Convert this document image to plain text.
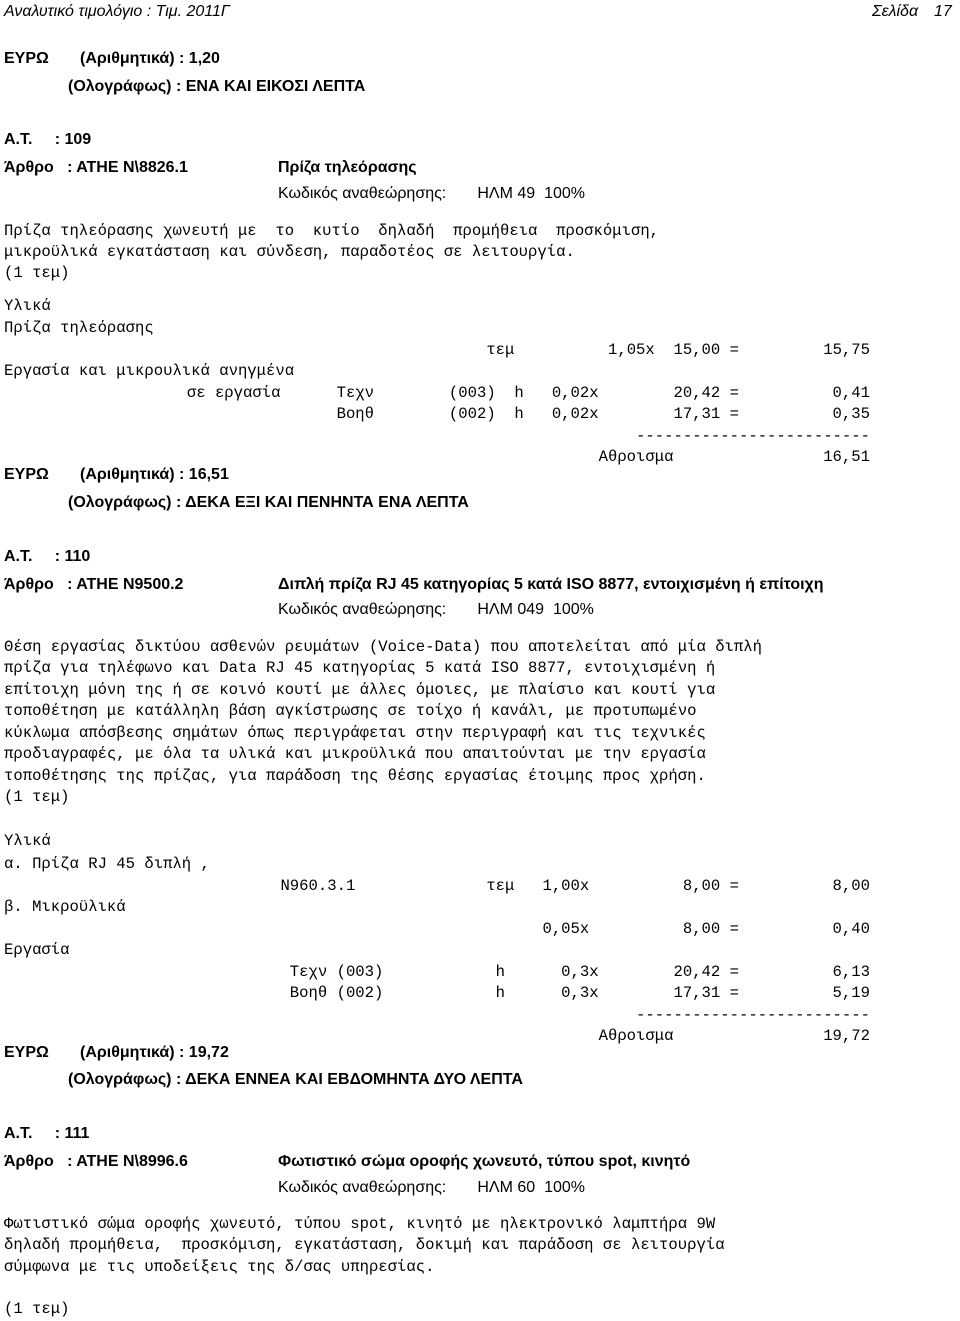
Αναλυτικό τιμολόγιο : Τιμ. 2011Γ	Σελίδα 17
ΕΥΡΩ (Αριθμητικά) : 1,20
(Ολογράφως) : ΕΝΑ ΚΑΙ ΕΙΚΟΣΙ ΛΕΠΤΑ
Α.Τ.     : 109
Άρθρο   : ΑΤΗΕ Ν\8826.1	Πρίζα τηλεόρασης
Κωδικός αναθεώρησης:       ΗΛΜ 49  100%
Πρίζα τηλεόρασης χωνευτή με  το  κυτίο  δηλαδή  προμήθεια  προσκόμιση,
μικροϋλικά εγκατάσταση και σύνδεση, παραδοτέος σε λειτουργία.
(1 τεμ)
Υλικά
Πρίζα τηλεόρασης
τεμ          1,05x  15,00 =         15,75
Εργασία και μικρουλικά ανηγμένα
σε εργασία      Τεχν        (003)  h   0,02x        20,42 =          0,41
Βοηθ        (002)  h   0,02x        17,31 =          0,35
-------------------------
Αθροισμα                16,51
ΕΥΡΩ (Αριθμητικά) : 16,51
(Ολογράφως) : ΔΕΚΑ ΕΞΙ ΚΑΙ ΠΕΝΗΝΤΑ ΕΝΑ ΛΕΠΤΑ
Α.Τ.     : 110
Άρθρο   : ΑΤΗΕ Ν9500.2	Διπλή πρίζα RJ 45 κατηγορίας 5 κατά ISO 8877, εντοιχισμένη ή επίτοιχη
Κωδικός αναθεώρησης:       ΗΛΜ 049  100%
Θέση εργασίας δικτύου ασθενών ρευμάτων (Voice-Data) που αποτελείται από μία διπλή
πρίζα για τηλέφωνο και Data RJ 45 κατηγορίας 5 κατά ISO 8877, εντοιχισμένη ή
επίτοιχη μόνη της ή σε κοινό κουτί με άλλες όμοιες, με πλαίσιο και κουτί για
τοποθέτηση με κατάλληλη βάση αγκίστρωσης σε τοίχο ή κανάλι, με προτυπωμένο
κύκλωμα απόσβεσης σημάτων όπως περιγράφεται στην περιγραφή και τις τεχνικές
προδιαγραφές, με όλα τα υλικά και μικροϋλικά που απαιτούνται με την εργασία
τοποθέτησης της πρίζας, για παράδοση της θέσης εργασίας έτοιμης προς χρήση.
(1 τεμ)
Υλικά
α. Πρίζα RJ 45 διπλή ,
N960.3.1              τεμ   1,00x          8,00 =          8,00
β. Μικροϋλικά
0,05x          8,00 =          0,40
Εργασία
Τεχν (003)            h      0,3x        20,42 =          6,13
Βοηθ (002)            h      0,3x        17,31 =          5,19
-------------------------
Αθροισμα                19,72
ΕΥΡΩ (Αριθμητικά) : 19,72
(Ολογράφως) : ΔΕΚΑ ΕΝΝΕΑ ΚΑΙ ΕΒΔΟΜΗΝΤΑ ΔΥΟ ΛΕΠΤΑ
Α.Τ.     : 111
Άρθρο   : ΑΤΗΕ Ν\8996.6	Φωτιστικό σώμα οροφής χωνευτό, τύπου spot, κινητό
Κωδικός αναθεώρησης:       ΗΛΜ 60  100%
Φωτιστικό σώμα οροφής χωνευτό, τύπου spot, κινητό με ηλεκτρονικό λαμπτήρα 9W
δηλαδή προμήθεια,  προσκόμιση, εγκατάσταση, δοκιμή και παράδοση σε λειτουργία
σύμφωνα με τις υποδείξεις της δ/σας υπηρεσίας.
(1 τεμ)
